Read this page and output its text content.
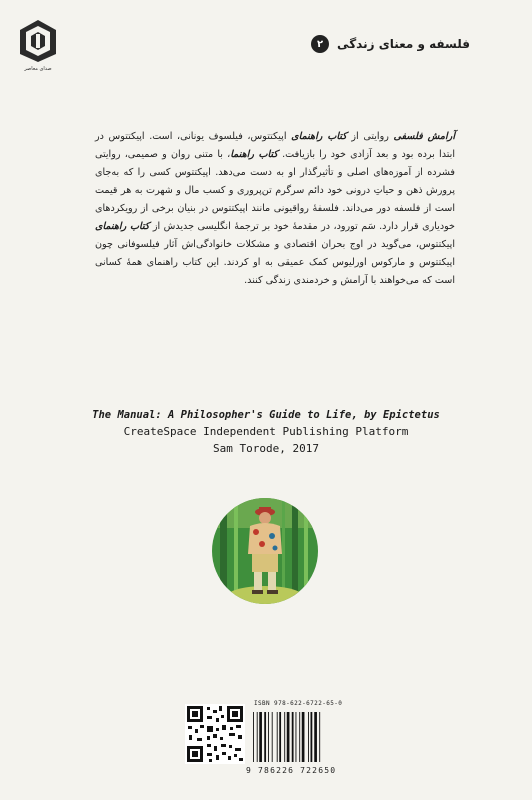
صدای معاصر
فلسفه و معنای زندگی
۲
آرامش فلسفی روایتی از کتاب راهنمای اپیکتتوس، فیلسوف یونانی، است. اپیکتتوس در ابتدا برده بود و بعد آزادی خود را بازیافت. کتاب راهنما، با متنی روان و صمیمی، روایتی فشرده از آموزه‌های اصلی و تأثیرگذار او به دست می‌دهد. اپیکتتوس کسی را که به‌جای پرورش ذهن و حیاتِ درونی خود دائم سرگرم تن‌پروری و کسب مال و شهرت به هر قیمت است از فلسفه دور می‌داند. فلسفهٔ رواقیونی مانند اپیکتتوس در بنیان برخی از رویکردهای خودیاری قرار دارد. سَم تورود، در مقدمهٔ خود بر ترجمهٔ انگلیسی جدیدش از کتاب راهنمای اپیکتتوس، می‌گوید در اوج بحران اقتصادی و مشکلات خانوادگی‌اش آثار فیلسوفانی چون اپیکتتوس و مارکوس اورلیوس کمک عمیقی به او کردند. این کتاب راهنمای همهٔ کسانی است که می‌خواهند با آرامش و خردمندی زندگی کنند.
The Manual: A Philosopher's Guide to Life, by Epictetus
CreateSpace Independent Publishing Platform
Sam Torode, 2017
ISBN 978-622-6722-65-0
9 786226 722650
